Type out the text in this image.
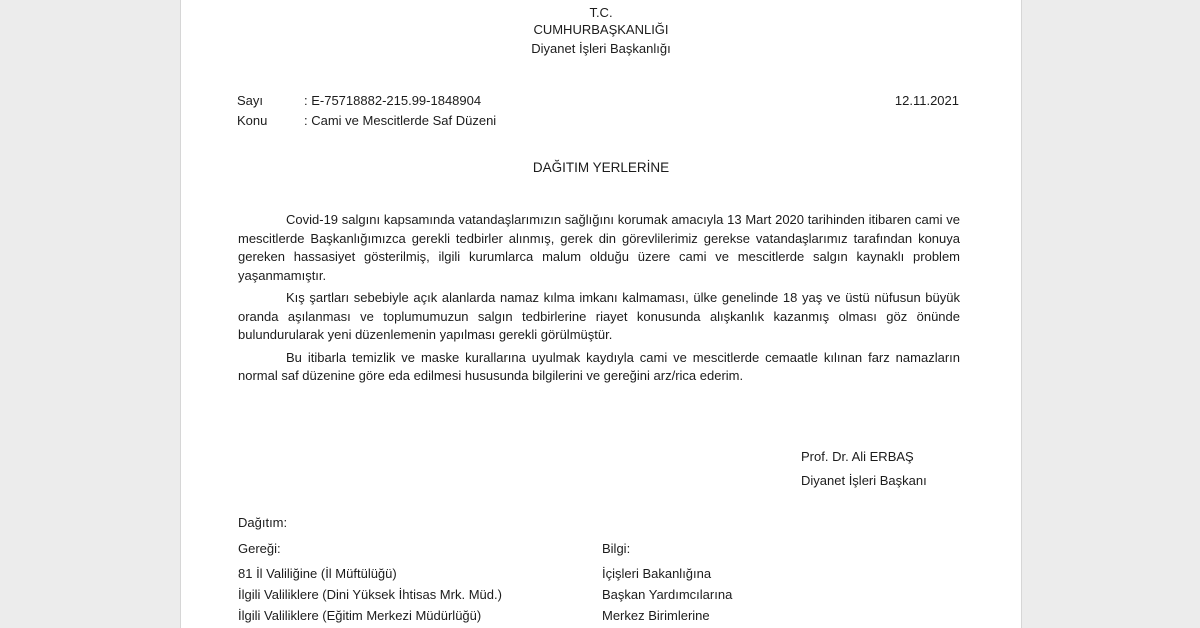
T.C.
CUMHURBAŞKANLIĞI
Diyanet İşleri Başkanlığı
Sayı	: E-75718882-215.99-1848904
Konu	: Cami ve Mescitlerde Saf Düzeni
12.11.2021
DAĞITIM YERLERİNE

Covid-19 salgını kapsamında vatandaşlarımızın sağlığını korumak amacıyla 13 Mart 2020 tarihinden itibaren cami ve mescitlerde Başkanlığımızca gerekli tedbirler alınmış, gerek din görevlilerimiz gerekse vatandaşlarımız tarafından konuya gereken hassasiyet gösterilmiş, ilgili kurumlarca malum olduğu üzere cami ve mescitlerde salgın kaynaklı problem yaşanmamıştır.

Kış şartları sebebiyle açık alanlarda namaz kılma imkanı kalmaması, ülke genelinde 18 yaş ve üstü nüfusun büyük oranda aşılanması ve toplumumuzun salgın tedbirlerine riayet konusunda alışkanlık kazanmış olması göz önünde bulundurularak yeni düzenlemenin yapılması gerekli görülmüştür.

Bu itibarla temizlik ve maske kurallarına uyulmak kaydıyla cami ve mescitlerde cemaatle kılınan farz namazların normal saf düzenine göre eda edilmesi hususunda bilgilerini ve gereğini arz/rica ederim.

Prof. Dr. Ali ERBAŞ
Diyanet İşleri Başkanı
Dağıtım:
Gereği:
81 İl Valiliğine (İl Müftülüğü)
İlgili Valiliklere (Dini Yüksek İhtisas Mrk. Müd.)
İlgili Valiliklere (Eğitim Merkezi Müdürlüğü)
Bilgi:
İçişleri Bakanlığına
Başkan Yardımcılarına
Merkez Birimlerine
